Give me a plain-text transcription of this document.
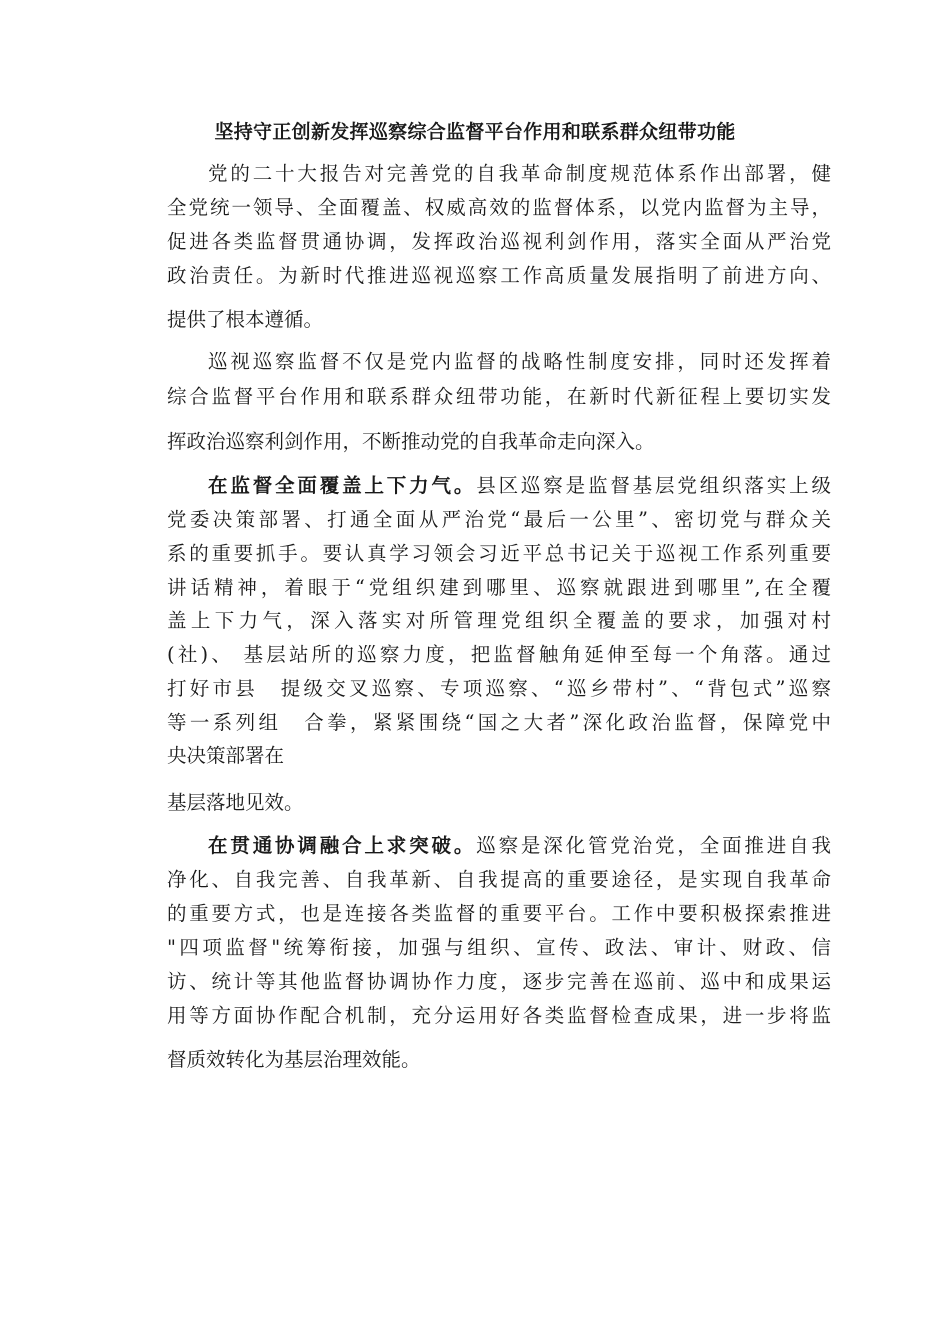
坚持守正创新发挥巡察综合监督平台作用和联系群众纽带功能
党的二十大报告对完善党的自我革命制度规范体系作出部署，健
全党统一领导、全面覆盖、权威高效的监督体系，以党内监督为主导，
促进各类监督贯通协调，发挥政治巡视利剑作用，落实全面从严治党
政治责任。为新时代推进巡视巡察工作高质量发展指明了前进方向、
提供了根本遵循。
巡视巡察监督不仅是党内监督的战略性制度安排，同时还发挥着
综合监督平台作用和联系群众纽带功能，在新时代新征程上要切实发
挥政治巡察利剑作用，不断推动党的自我革命走向深入。
在监督全面覆盖上下力气。县区巡察是监督基层党组织落实上级
党委决策部署、打通全面从严治党“最后一公里”、密切党与群众关
系的重要抓手。要认真学习领会习近平总书记关于巡视工作系列重要
讲话精神，着眼于“党组织建到哪里、巡察就跟进到哪里”,在全覆
盖上下力气，深入落实对所管理党组织全覆盖的要求，加强对村
(社)、 基层站所的巡察力度，把监督触角延伸至每一个角落。通过
打好市县　提级交叉巡察、专项巡察、“巡乡带村”、“背包式”巡察
等一系列组　合拳，紧紧围绕“国之大者”深化政治监督，保障党中
央决策部署在
基层落地见效。
在贯通协调融合上求突破。巡察是深化管党治党，全面推进自我
净化、自我完善、自我革新、自我提高的重要途径，是实现自我革命
的重要方式，也是连接各类监督的重要平台。工作中要积极探索推进
"四项监督"统筹衔接，加强与组织、宣传、政法、审计、财政、信
访、统计等其他监督协调协作力度，逐步完善在巡前、巡中和成果运
用等方面协作配合机制，充分运用好各类监督检查成果，进一步将监
督质效转化为基层治理效能。
